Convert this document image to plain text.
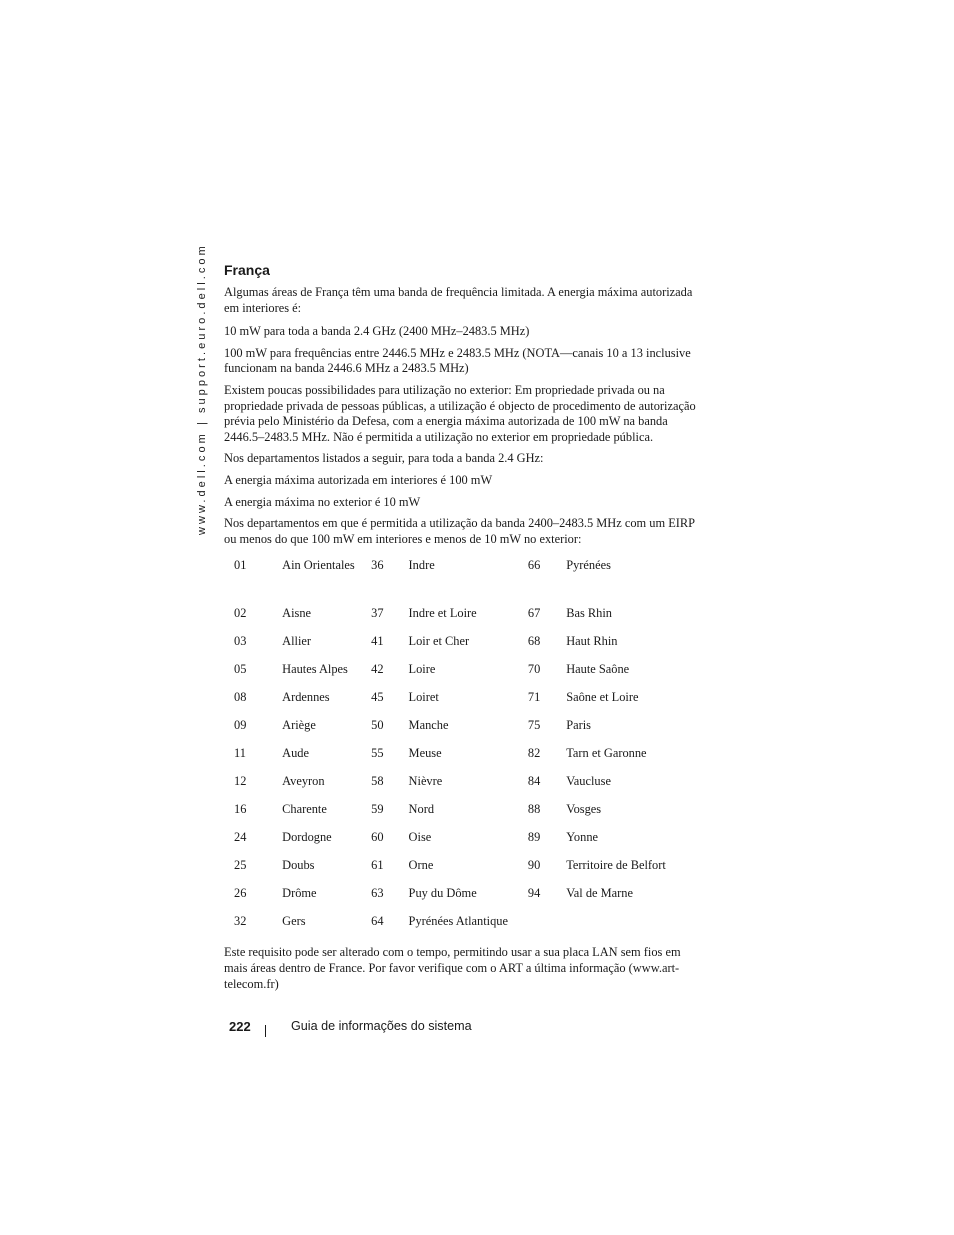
www.dell.com | support.euro.dell.com França

Algumas áreas de França têm uma banda de frequência limitada. A energia máxima autorizada em interiores é:

10 mW para toda a banda 2.4 GHz (2400 MHz–2483.5 MHz)

100 mW para frequências entre 2446.5 MHz e 2483.5 MHz (NOTA—canais 10 a 13 inclusive funcionam na banda 2446.6 MHz a 2483.5 MHz)

Existem poucas possibilidades para utilização no exterior: Em propriedade privada ou na propriedade privada de pessoas públicas, a utilização é objecto de procedimento de autorização prévia pelo Ministério da Defesa, com a energia máxima autorizada de 100 mW na banda 2446.5–2483.5 MHz. Não é permitida a utilização no exterior em propriedade pública.

Nos departamentos listados a seguir, para toda a banda 2.4 GHz:

A energia máxima autorizada em interiores é 100 mW

A energia máxima no exterior é 10 mW

Nos departamentos em que é permitida a utilização da banda 2400–2483.5 MHz com um EIRP ou menos do que 100 mW em interiores e menos de 10 mW no exterior:

01	Ain Orientales	36	Indre	66	Pyrénées
02	Aisne	37	Indre et Loire	67	Bas Rhin
03	Allier	41	Loir et Cher	68	Haut Rhin
05	Hautes Alpes	42	Loire	70	Haute Saône
08	Ardennes	45	Loiret	71	Saône et Loire
09	Ariège	50	Manche	75	Paris
11	Aude	55	Meuse	82	Tarn et Garonne
12	Aveyron	58	Nièvre	84	Vaucluse
16	Charente	59	Nord	88	Vosges
24	Dordogne	60	Oise	89	Yonne
25	Doubs	61	Orne	90	Territoire de Belfort
26	Drôme	63	Puy du Dôme	94	Val de Marne
32	Gers	64	Pyrénées Atlantique		

Este requisito pode ser alterado com o tempo, permitindo usar a sua placa LAN sem fios em mais áreas dentro de France. Por favor verifique com o ART a última informação (www.art-telecom.fr)

222	Guia de informações do sistema
